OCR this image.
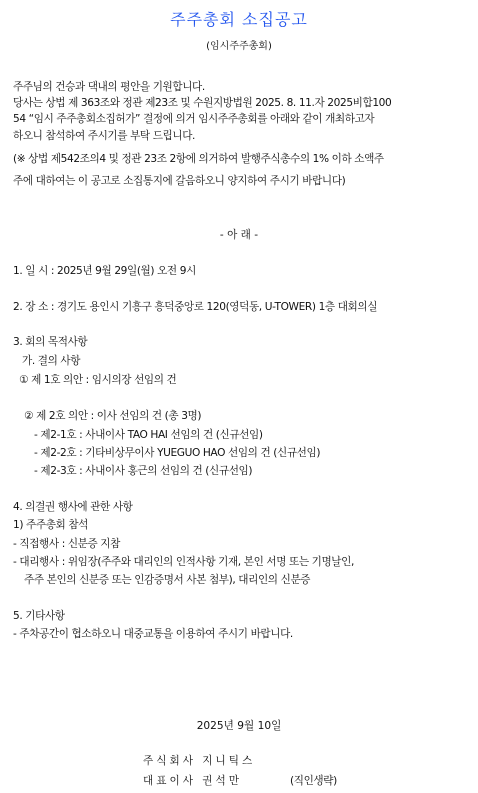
주주총회 소집공고
(임시주주총회)
주주님의 건승과 댁내의 평안을 기원합니다.
당사는 상법 제 363조와 정관 제23조 및 수원지방법원 2025. 8. 11.자 2025비합100
54 “임시 주주총회소집허가” 결정에 의거 임시주주총회를 아래와 같이 개최하고자
하오니 참석하여 주시기를 부탁 드립니다.
(※ 상법 제542조의4 및 정관 23조 2항에 의거하여 발행주식총수의 1% 이하 소액주
주에 대하여는 이 공고로 소집통지에 갈음하오니 양지하여 주시기 바랍니다)
- 아 래 -
1. 일 시 : 2025년 9월 29일(월) 오전 9시
2. 장 소 : 경기도 용인시 기흥구 흥덕중앙로 120(영덕동, U-TOWER) 1층 대회의실
3. 회의 목적사항
가. 결의 사항
① 제 1호 의안 : 임시의장 선임의 건
② 제 2호 의안 : 이사 선임의 건 (총 3명)
- 제2-1호 : 사내이사 TAO HAI 선임의 건 (신규선임)
- 제2-2호 : 기타비상무이사 YUEGUO HAO 선임의 건 (신규선임)
- 제2-3호 : 사내이사 홍근의 선임의 건 (신규선임)
4. 의결권 행사에 관한 사항
1) 주주총회 참석
- 직접행사 : 신분증 지참
- 대리행사 : 위임장(주주와 대리인의 인적사항 기재, 본인 서명 또는 기명날인,
주주 본인의 신분증 또는 인감증명서 사본 첨부), 대리인의 신분증
5. 기타사항
- 주차공간이 협소하오니 대중교통을 이용하여 주시기 바랍니다.
2025년 9월 10일
주식회사 지니틱스
대표이사 권석만	(직인생략)
